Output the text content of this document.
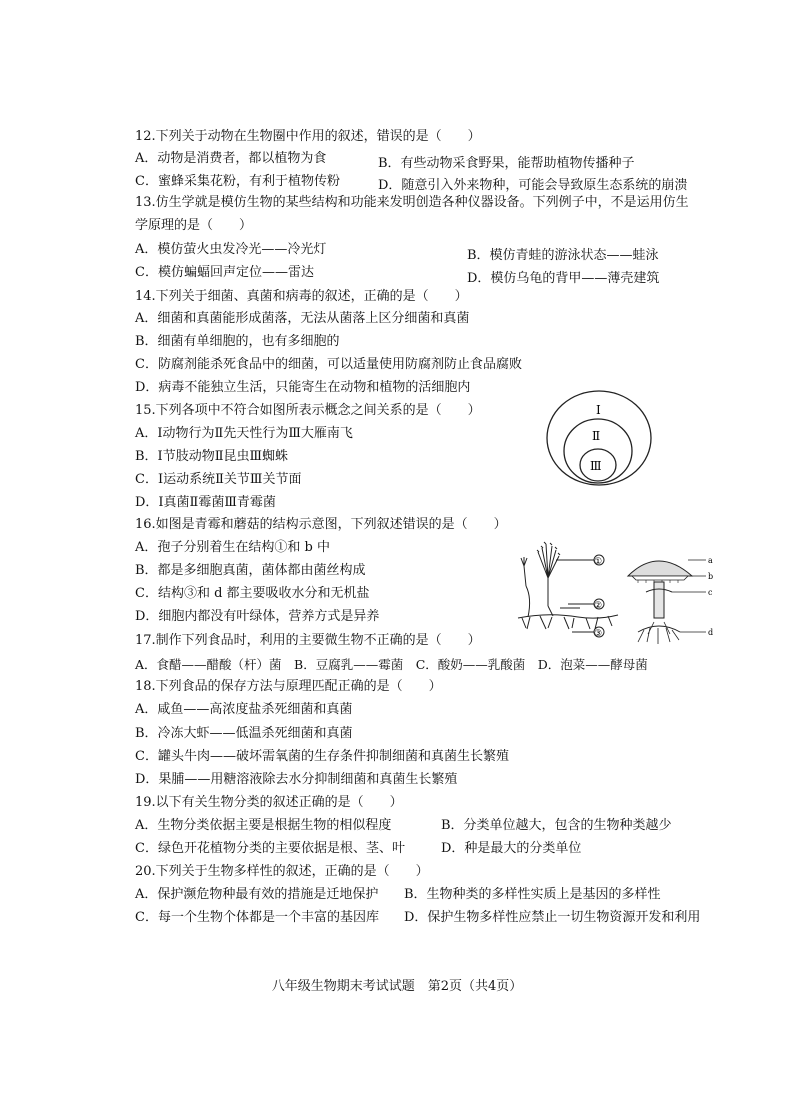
12.下列关于动物在生物圈中作用的叙述，错误的是（　　）
A．动物是消费者，都以植物为食	B．有些动物采食野果，能帮助植物传播种子
C．蜜蜂采集花粉，有利于植物传粉	D．随意引入外来物种，可能会导致原生态系统的崩溃
13.仿生学就是模仿生物的某些结构和功能来发明创造各种仪器设备。下列例子中，不是运用仿生
学原理的是（　　）
A．模仿萤火虫发冷光——冷光灯	B．模仿青蛙的游泳状态——蛙泳
C．模仿蝙蝠回声定位——雷达	D．模仿乌龟的背甲——薄壳建筑
14.下列关于细菌、真菌和病毒的叙述，正确的是（　　）
A．细菌和真菌能形成菌落，无法从菌落上区分细菌和真菌
B．细菌有单细胞的，也有多细胞的
C．防腐剂能杀死食品中的细菌，可以适量使用防腐剂防止食品腐败
D．病毒不能独立生活，只能寄生在动物和植物的活细胞内
15.下列各项中不符合如图所表示概念之间关系的是（　　）
A．Ⅰ动物行为Ⅱ先天性行为Ⅲ大雁南飞
B．Ⅰ节肢动物Ⅱ昆虫Ⅲ蜘蛛
C．Ⅰ运动系统Ⅱ关节Ⅲ关节面
D．Ⅰ真菌Ⅱ霉菌Ⅲ青霉菌
Ⅰ
Ⅱ
Ⅲ
16.如图是青霉和蘑菇的结构示意图，下列叙述错误的是（　　）
A．孢子分别着生在结构①和 b 中
B．都是多细胞真菌，菌体都由菌丝构成
C．结构③和 d 都主要吸收水分和无机盐
D．细胞内都没有叶绿体，营养方式是异养
①
②
③
a
b
c
d
17.制作下列食品时，利用的主要微生物不正确的是（　　）
A．食醋——醋酸（杆）菌　B．豆腐乳——霉菌　C．酸奶——乳酸菌　D．泡菜——酵母菌
18.下列食品的保存方法与原理匹配正确的是（　　）
A．咸鱼——高浓度盐杀死细菌和真菌
B．冷冻大虾——低温杀死细菌和真菌
C．罐头牛肉——破坏需氧菌的生存条件抑制细菌和真菌生长繁殖
D．果脯——用糖溶液除去水分抑制细菌和真菌生长繁殖
19.以下有关生物分类的叙述正确的是（　　）
A．生物分类依据主要是根据生物的相似程度	B．分类单位越大，包含的生物种类越少
C．绿色开花植物分类的主要依据是根、茎、叶	D．种是最大的分类单位
20.下列关于生物多样性的叙述，正确的是（　　）
A．保护濒危物种最有效的措施是迁地保护 B．生物种类的多样性实质上是基因的多样性
C．每一个生物个体都是一个丰富的基因库 D．保护生物多样性应禁止一切生物资源开发和利用
八年级生物期末考试试题　第2页（共4页）
